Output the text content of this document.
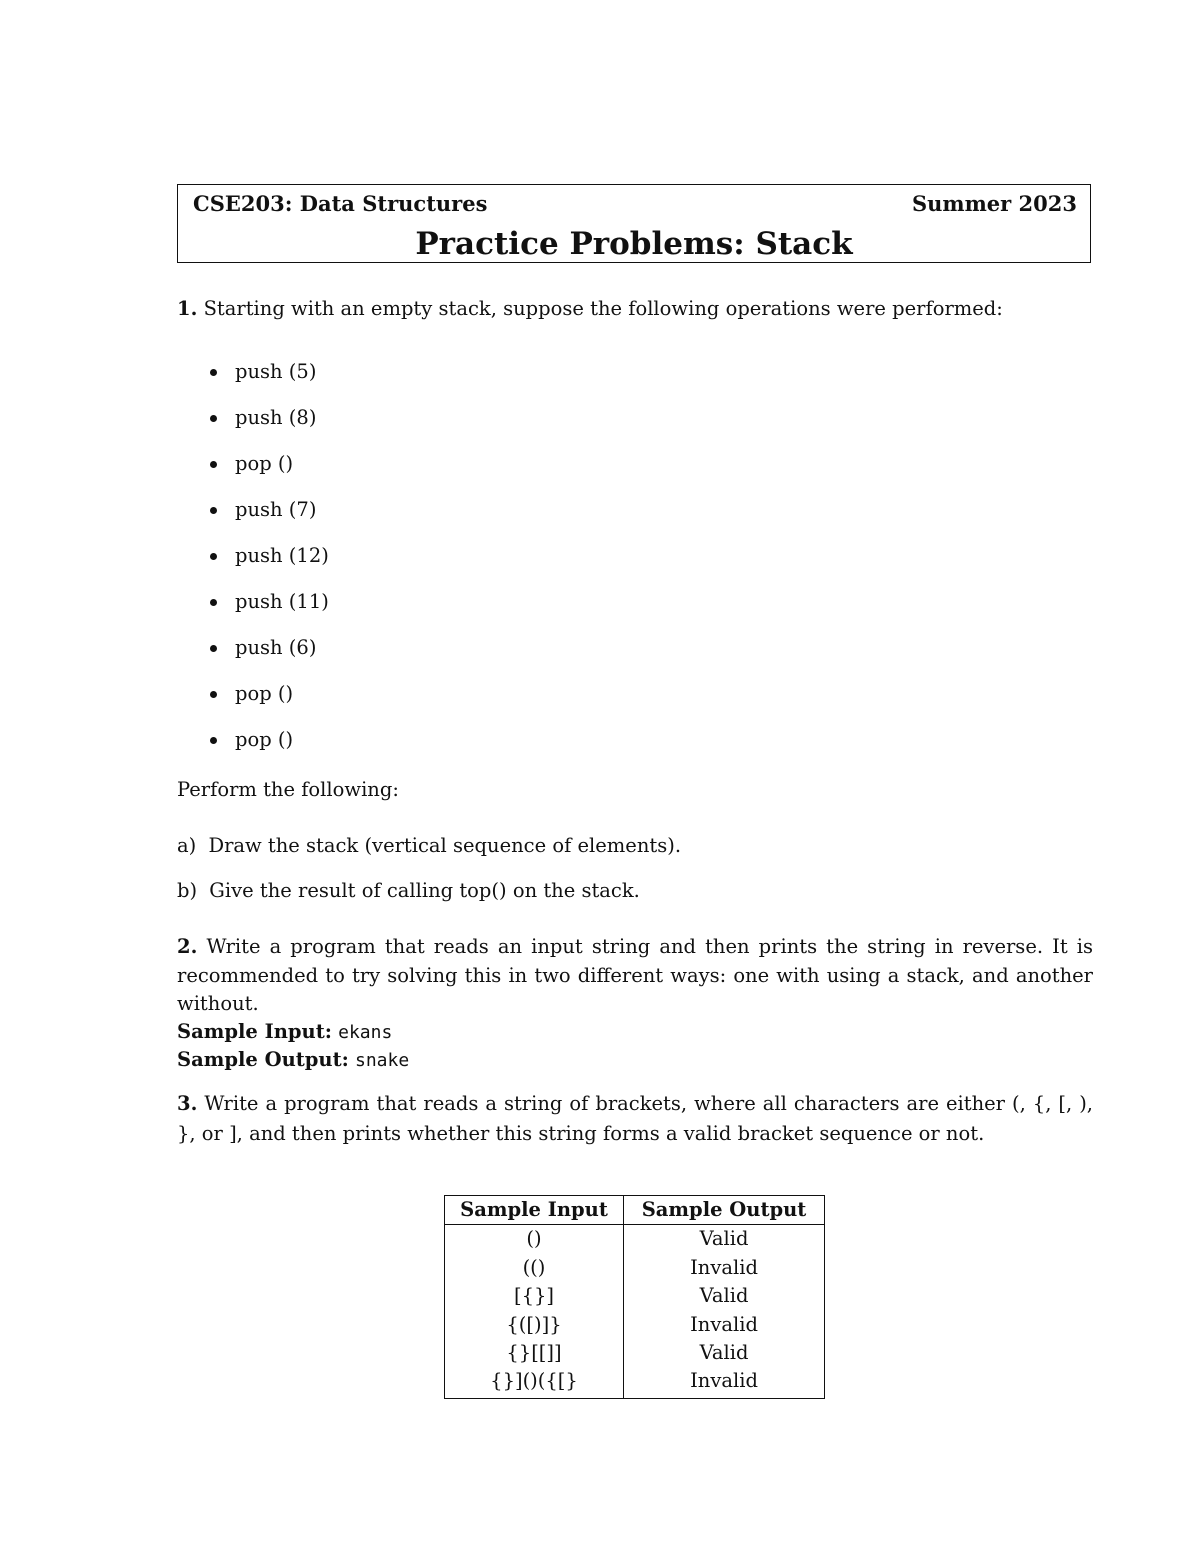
CSE203: Data Structures	Summer 2023
Practice Problems: Stack
1. Starting with an empty stack, suppose the following operations were performed:
push (5)
push (8)
pop ()
push (7)
push (12)
push (11)
push (6)
pop ()
pop ()
Perform the following:
a) Draw the stack (vertical sequence of elements).
b) Give the result of calling top() on the stack.
2. Write a program that reads an input string and then prints the string in reverse. It is recommended to try solving this in two different ways: one with using a stack, and another without.
Sample Input: ekans
Sample Output: snake
3. Write a program that reads a string of brackets, where all characters are either (, {, [, ), }, or ], and then prints whether this string forms a valid bracket sequence or not.
Sample Input	Sample Output
()	Valid
(()	Invalid
[{}]	Valid
{([)]}	Invalid
{}[[]]	Valid
{}]()({[}	Invalid
